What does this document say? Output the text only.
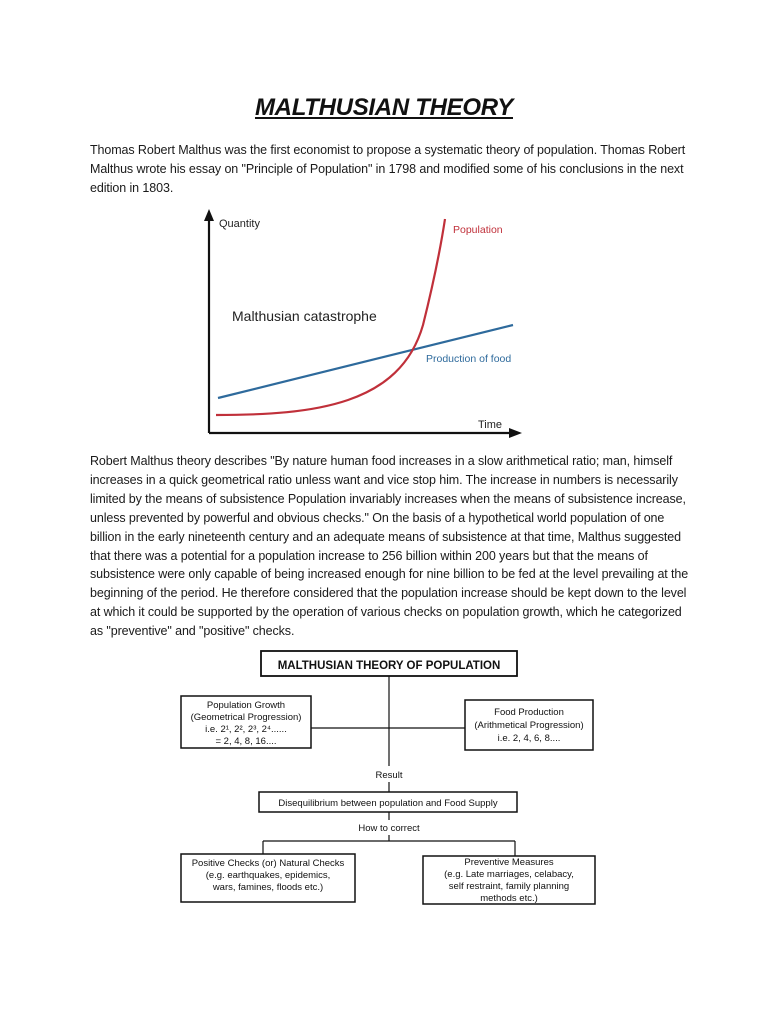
MALTHUSIAN THEORY

Thomas Robert Malthus was the first economist to propose a systematic theory of population. Thomas Robert Malthus wrote his essay on "Principle of Population" in 1798 and modified some of his conclusions in the next edition in 1803.

Quantity
Time
Population
Production of food
Malthusian catastrophe

Robert Malthus theory describes "By nature human food increases in a slow arithmetical ratio; man, himself increases in a quick geometrical ratio unless want and vice stop him. The increase in numbers is necessarily limited by the means of subsistence Population invariably increases when the means of subsistence increase, unless prevented by powerful and obvious checks." On the basis of a hypothetical world population of one billion in the early nineteenth century and an adequate means of subsistence at that time, Malthus suggested that there was a potential for a population increase to 256 billion within 200 years but that the means of subsistence were only capable of being increased enough for nine billion to be fed at the level prevailing at the beginning of the period. He therefore considered that the population increase should be kept down to the level at which it could be supported by the operation of various checks on population growth, which he categorized as "preventive" and "positive" checks.

MALTHUSIAN THEORY OF POPULATION
Population Growth
(Geometrical Progression)
i.e. 2¹, 2², 2³, 2⁴......
= 2, 4, 8, 16....
Food Production
(Arithmetical Progression)
i.e. 2, 4, 6, 8....
Result
Disequilibrium between population and Food Supply
How to correct
Positive Checks (or) Natural Checks
(e.g. earthquakes, epidemics,
wars, famines, floods etc.)
Preventive Measures
(e.g. Late marriages, celabacy,
self restraint, family planning
methods etc.)
